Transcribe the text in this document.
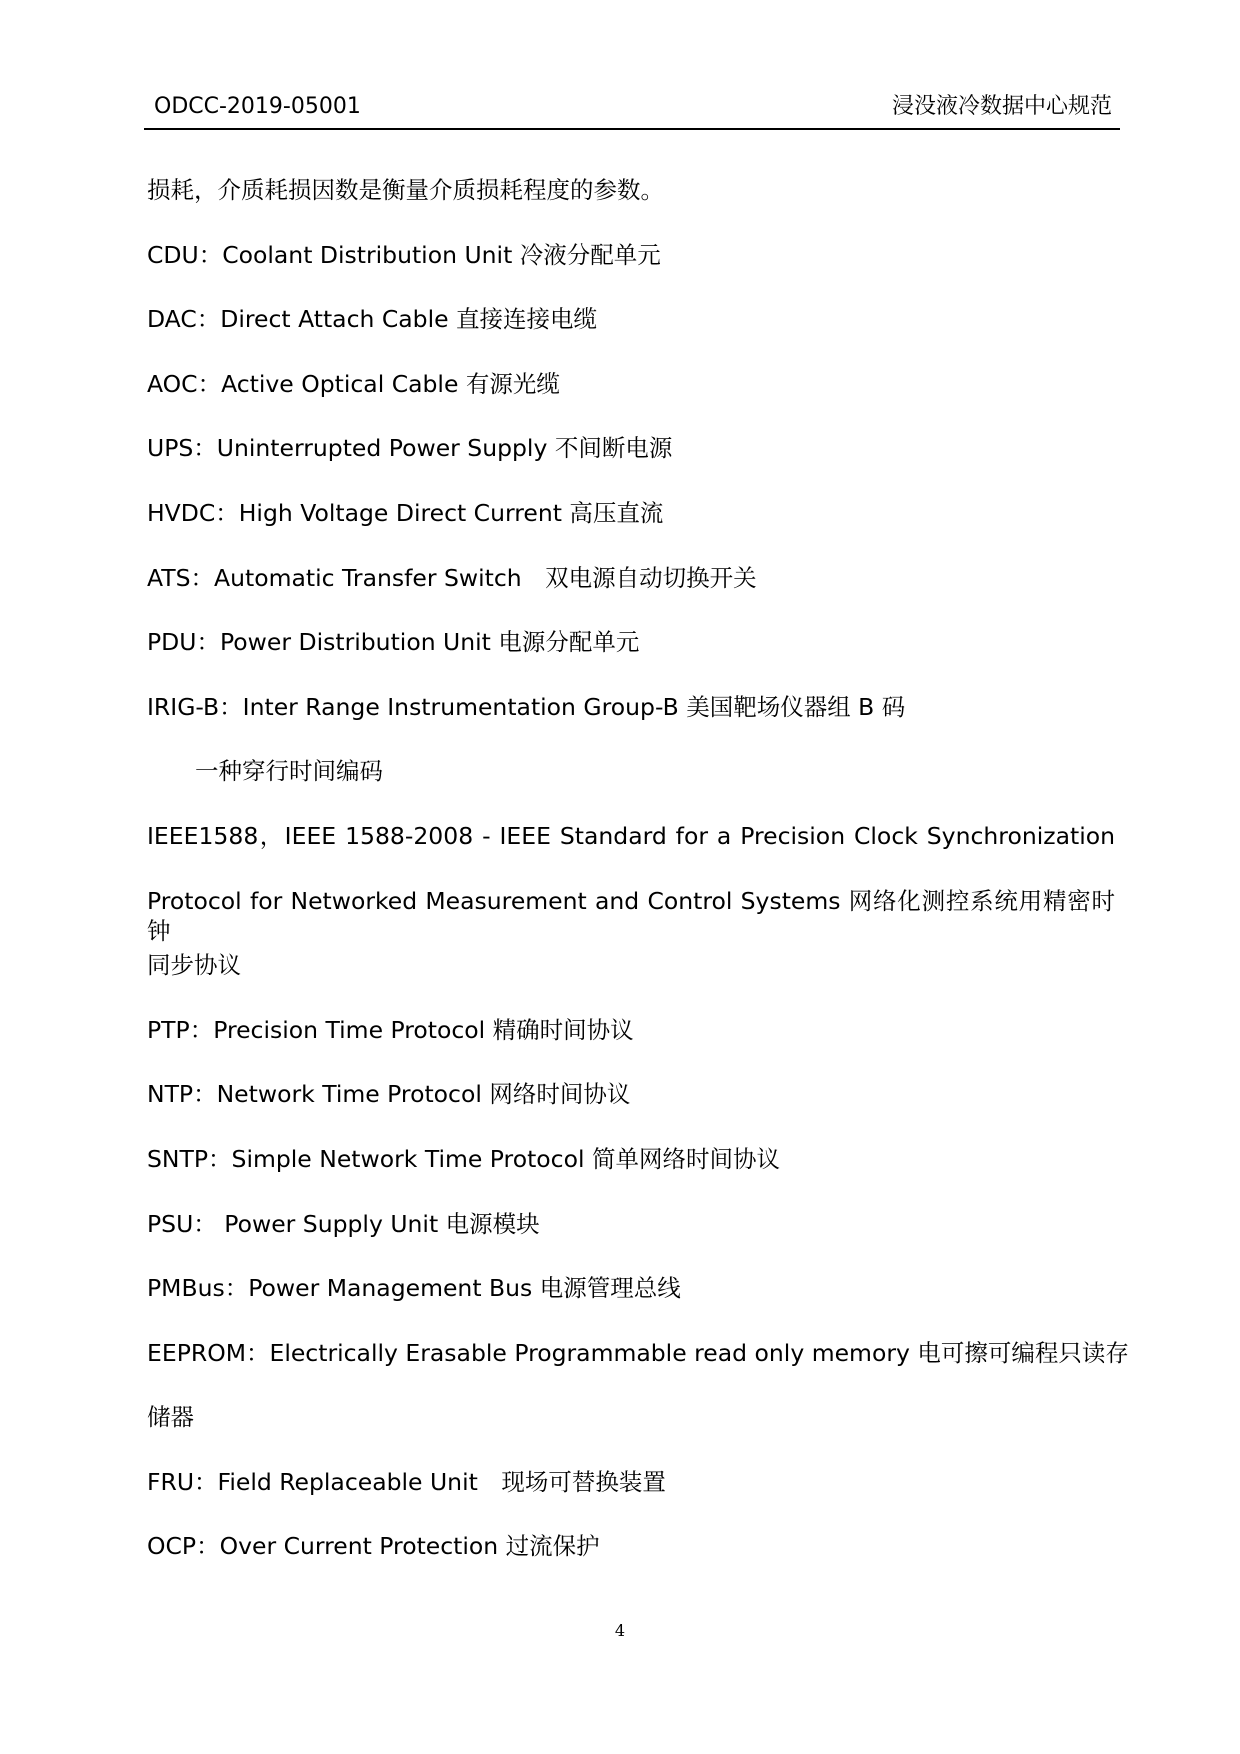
ODCC-2019-05001	浸没液冷数据中心规范
损耗，介质耗损因数是衡量介质损耗程度的参数。
CDU：Coolant Distribution Unit 冷液分配单元
DAC：Direct Attach Cable 直接连接电缆
AOC：Active Optical Cable 有源光缆
UPS：Uninterrupted Power Supply 不间断电源
HVDC：High Voltage Direct Current 高压直流
ATS：Automatic Transfer Switch　双电源自动切换开关
PDU：Power Distribution Unit 电源分配单元
IRIG-B：Inter Range Instrumentation Group-B 美国靶场仪器组 B 码
一种穿行时间编码
IEEE1588，IEEE 1588-2008 - IEEE Standard for a Precision Clock Synchronization
Protocol for Networked Measurement and Control Systems 网络化测控系统用精密时钟
同步协议
PTP：Precision Time Protocol 精确时间协议
NTP：Network Time Protocol 网络时间协议
SNTP：Simple Network Time Protocol 简单网络时间协议
PSU： Power Supply Unit 电源模块
PMBus：Power Management Bus 电源管理总线
EEPROM：Electrically Erasable Programmable read only memory 电可擦可编程只读存
储器
FRU：Field Replaceable Unit　现场可替换装置
OCP：Over Current Protection 过流保护
4
